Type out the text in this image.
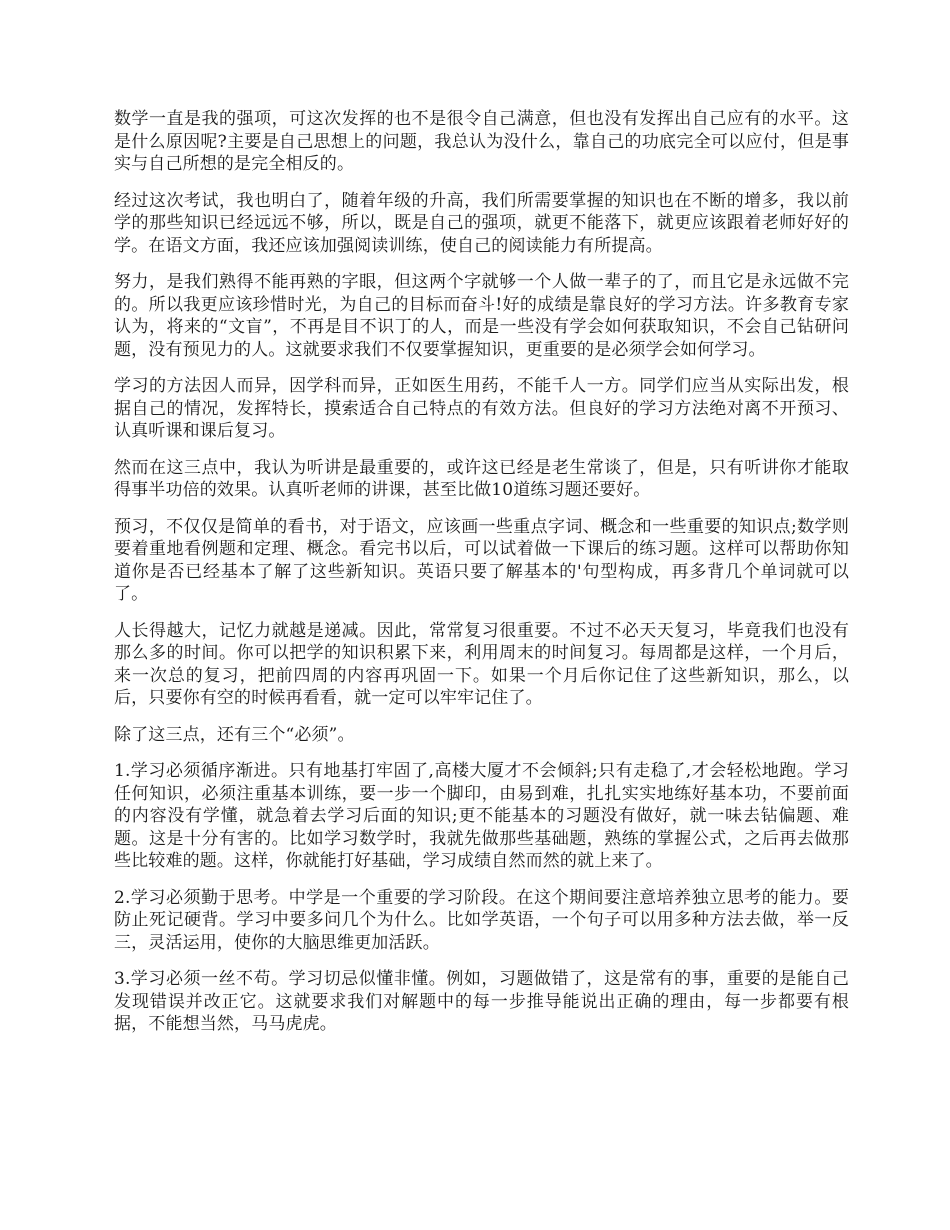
数学一直是我的强项，可这次发挥的也不是很令自己满意，但也没有发挥出自己应有的水平。这是什么原因呢?主要是自己思想上的问题，我总认为没什么，靠自己的功底完全可以应付，但是事实与自己所想的是完全相反的。

经过这次考试，我也明白了，随着年级的升高，我们所需要掌握的知识也在不断的增多，我以前学的那些知识已经远远不够，所以，既是自己的强项，就更不能落下，就更应该跟着老师好好的学。在语文方面，我还应该加强阅读训练，使自己的阅读能力有所提高。

努力，是我们熟得不能再熟的字眼，但这两个字就够一个人做一辈子的了，而且它是永远做不完的。所以我更应该珍惜时光，为自己的目标而奋斗!好的成绩是靠良好的学习方法。许多教育专家认为，将来的“文盲”，不再是目不识丁的人，而是一些没有学会如何获取知识，不会自己钻研问题，没有预见力的人。这就要求我们不仅要掌握知识，更重要的是必须学会如何学习。

学习的方法因人而异，因学科而异，正如医生用药，不能千人一方。同学们应当从实际出发，根据自己的情况，发挥特长，摸索适合自己特点的有效方法。但良好的学习方法绝对离不开预习、认真听课和课后复习。

然而在这三点中，我认为听讲是最重要的，或许这已经是老生常谈了，但是，只有听讲你才能取得事半功倍的效果。认真听老师的讲课，甚至比做10道练习题还要好。

预习，不仅仅是简单的看书，对于语文，应该画一些重点字词、概念和一些重要的知识点;数学则要着重地看例题和定理、概念。看完书以后，可以试着做一下课后的练习题。这样可以帮助你知道你是否已经基本了解了这些新知识。英语只要了解基本的'句型构成，再多背几个单词就可以了。

人长得越大，记忆力就越是递减。因此，常常复习很重要。不过不必天天复习，毕竟我们也没有那么多的时间。你可以把学的知识积累下来，利用周末的时间复习。每周都是这样，一个月后，来一次总的复习，把前四周的内容再巩固一下。如果一个月后你记住了这些新知识，那么，以后，只要你有空的时候再看看，就一定可以牢牢记住了。

除了这三点，还有三个“必须”。

1.学习必须循序渐进。只有地基打牢固了,高楼大厦才不会倾斜;只有走稳了,才会轻松地跑。学习任何知识，必须注重基本训练，要一步一个脚印，由易到难，扎扎实实地练好基本功，不要前面的内容没有学懂，就急着去学习后面的知识;更不能基本的习题没有做好，就一味去钻偏题、难题。这是十分有害的。比如学习数学时，我就先做那些基础题，熟练的掌握公式，之后再去做那些比较难的题。这样，你就能打好基础，学习成绩自然而然的就上来了。

2.学习必须勤于思考。中学是一个重要的学习阶段。在这个期间要注意培养独立思考的能力。要防止死记硬背。学习中要多问几个为什么。比如学英语，一个句子可以用多种方法去做，举一反三，灵活运用，使你的大脑思维更加活跃。

3.学习必须一丝不苟。学习切忌似懂非懂。例如，习题做错了，这是常有的事，重要的是能自己发现错误并改正它。这就要求我们对解题中的每一步推导能说出正确的理由，每一步都要有根据，不能想当然，马马虎虎。
